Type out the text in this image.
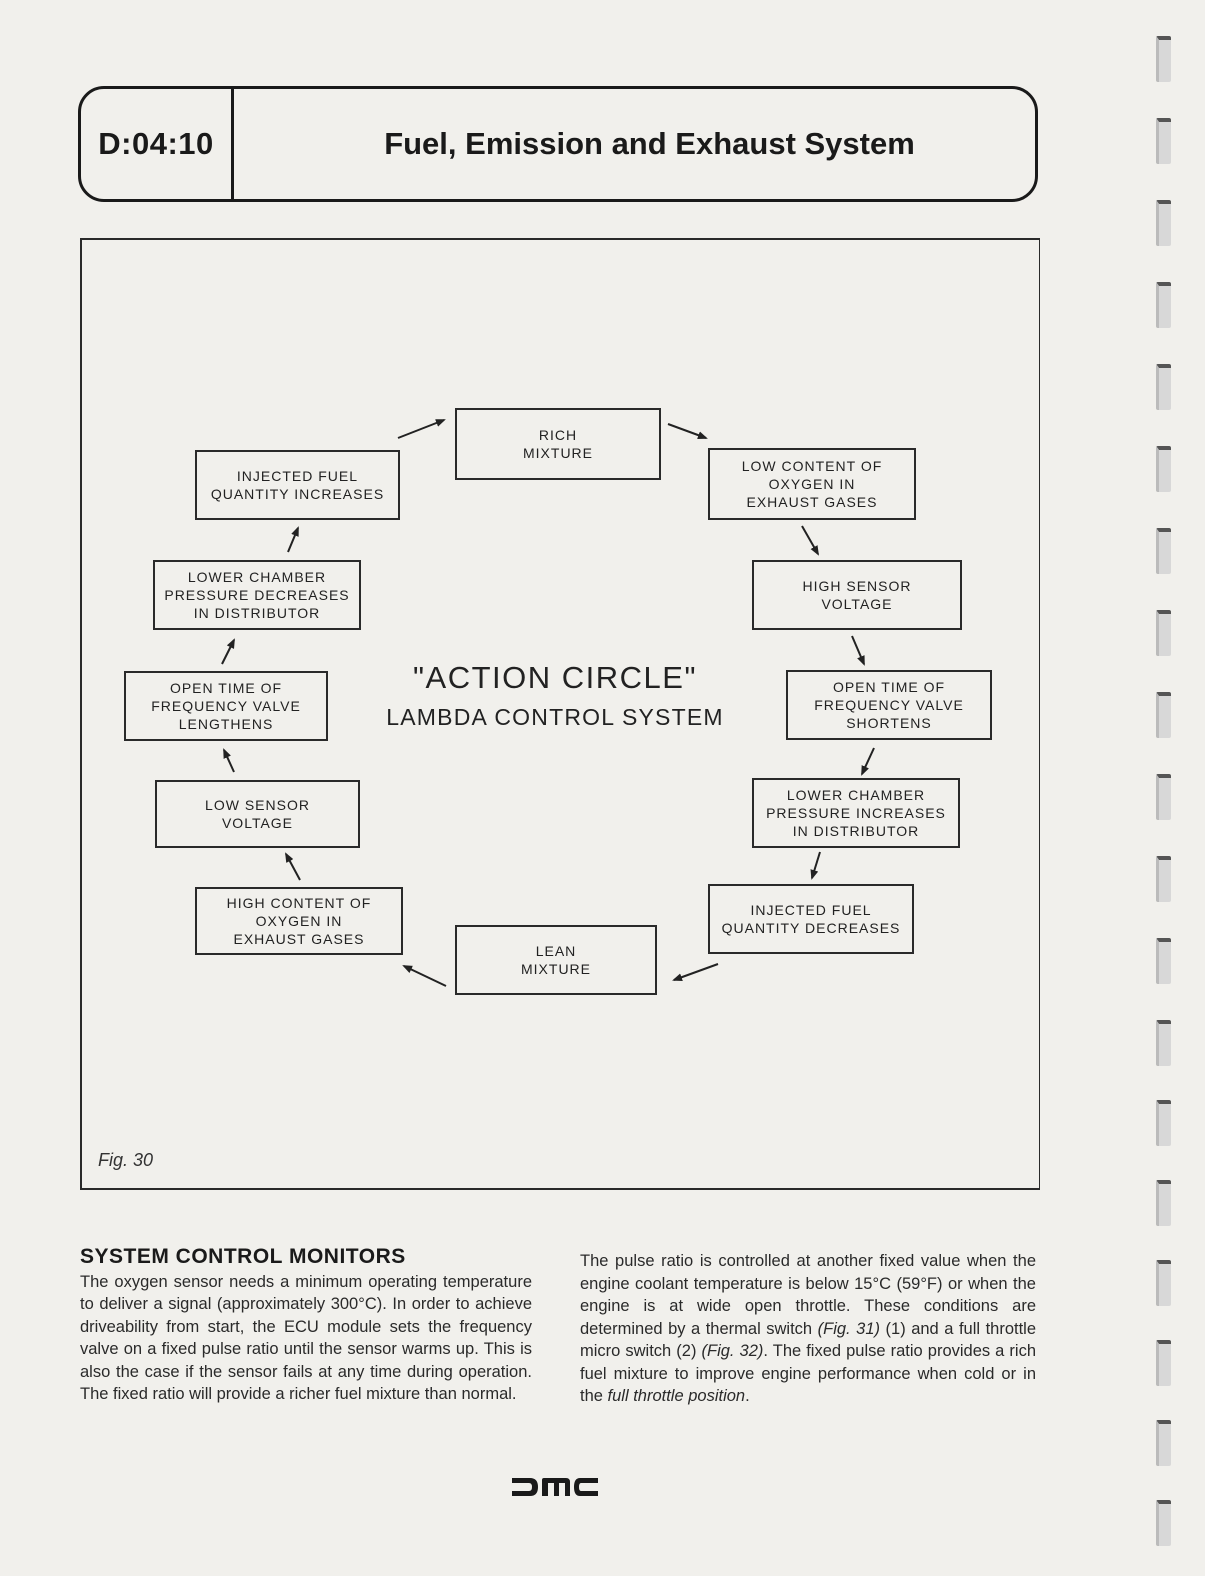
D:04:10	Fuel, Emission and Exhaust System
RICH
MIXTURE
LOW CONTENT OF
OXYGEN IN
EXHAUST GASES
HIGH SENSOR
VOLTAGE
OPEN TIME OF
FREQUENCY VALVE
SHORTENS
LOWER CHAMBER
PRESSURE INCREASES
IN DISTRIBUTOR
INJECTED FUEL
QUANTITY DECREASES
LEAN
MIXTURE
HIGH CONTENT OF
OXYGEN IN
EXHAUST GASES
LOW SENSOR
VOLTAGE
OPEN TIME OF
FREQUENCY VALVE
LENGTHENS
LOWER CHAMBER
PRESSURE DECREASES
IN DISTRIBUTOR
INJECTED FUEL
QUANTITY INCREASES
"ACTION CIRCLE"
LAMBDA CONTROL SYSTEM
Fig. 30
SYSTEM CONTROL MONITORS

The oxygen sensor needs a minimum operating temperature to deliver a signal (approximately 300°C). In order to achieve driveability from start, the ECU module sets the frequency valve on a fixed pulse ratio until the sensor warms up. This is also the case if the sensor fails at any time during operation. The fixed ratio will provide a richer fuel mixture than normal.

The pulse ratio is controlled at another fixed value when the engine coolant temperature is below 15°C (59°F) or when the engine is at wide open throttle. These conditions are determined by a thermal switch (Fig. 31) (1) and a full throttle micro switch (2) (Fig. 32). The fixed pulse ratio provides a rich fuel mixture to improve engine performance when cold or in the full throttle position.
